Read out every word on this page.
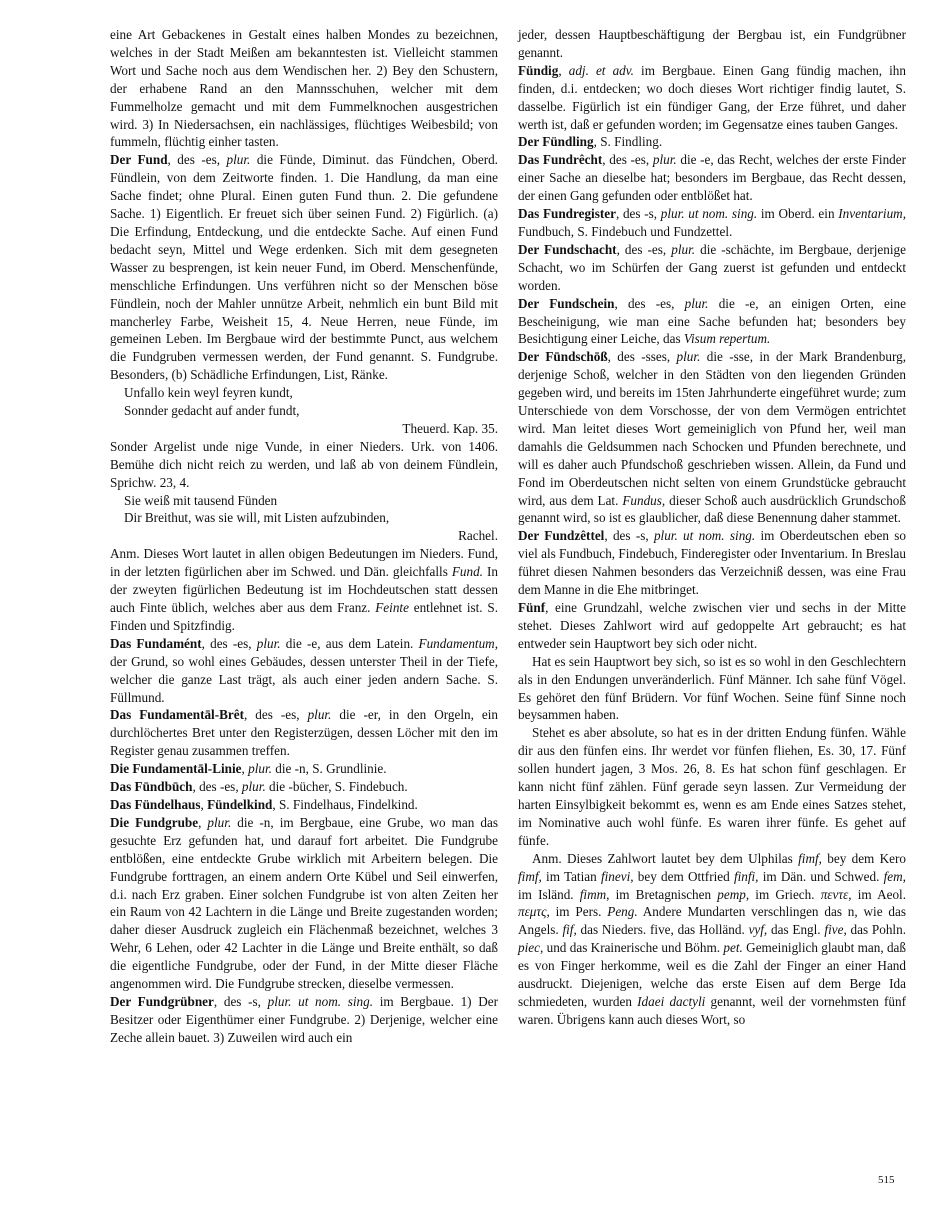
eine Art Gebackenes in Gestalt eines halben Mondes zu bezeichnen, welches in der Stadt Meißen am bekanntesten ist. Vielleicht stammen Wort und Sache noch aus dem Wendischen her. 2) Bey den Schustern, der erhabene Rand an den Mannsschuhen, welcher mit dem Fummelholze gemacht und mit dem Fummelknochen ausgestrichen wird. 3) In Niedersachsen, ein nachlässiges, flüchtiges Weibesbild; von fummeln, flüchtig einher tasten.

Der Fund, des -es, plur. die Fünde, Diminut. das Fündchen, Oberd. Fündlein, von dem Zeitworte finden. 1. Die Handlung, da man eine Sache findet; ohne Plural. Einen guten Fund thun. 2. Die gefundene Sache. 1) Eigentlich. Er freuet sich über seinen Fund. 2) Figürlich. (a) Die Erfindung, Entdeckung, und die entdeckte Sache. Auf einen Fund bedacht seyn, Mittel und Wege erdenken. Sich mit dem gesegneten Wasser zu besprengen, ist kein neuer Fund, im Oberd. Menschenfünde, menschliche Erfindungen. Uns verführen nicht so der Menschen böse Fündlein, noch der Mahler unnütze Arbeit, nehmlich ein bunt Bild mit mancherley Farbe, Weisheit 15, 4. Neue Herren, neue Fünde, im gemeinen Leben. Im Bergbaue wird der bestimmte Punct, aus welchem die Fundgruben vermessen werden, der Fund genannt. S. Fundgrube. Besonders, (b) Schädliche Erfindungen, List, Ränke.

Unfallo kein weyl feyren kundt,

Sonnder gedacht auf ander fundt,

Theuerd. Kap. 35.

Sonder Argelist unde nige Vunde, in einer Nieders. Urk. von 1406. Bemühe dich nicht reich zu werden, und laß ab von deinem Fündlein, Sprichw. 23, 4.

Sie weiß mit tausend Fünden

Dir Breithut, was sie will, mit Listen aufzubinden,

Rachel.

Anm. Dieses Wort lautet in allen obigen Bedeutungen im Nieders. Fund, in der letzten figürlichen aber im Schwed. und Dän. gleichfalls Fund. In der zweyten figürlichen Bedeutung ist im Hochdeutschen statt dessen auch Finte üblich, welches aber aus dem Franz. Feinte entlehnet ist. S. Finden und Spitzfindig.

Das Fundamént, des -es, plur. die -e, aus dem Latein. Fundamentum, der Grund, so wohl eines Gebäudes, dessen unterster Theil in der Tiefe, welcher die ganze Last trägt, als auch einer jeden andern Sache. S. Füllmund.

Das Fundamentāl-Brêt, des -es, plur. die -er, in den Orgeln, ein durchlöchertes Bret unter den Registerzügen, dessen Löcher mit den im Register genau zusammen treffen.

Die Fundamentāl-Linie, plur. die -n, S. Grundlinie.

Das Fūndbūch, des -es, plur. die -bücher, S. Findebuch.

Das Fündelhaus, Fündelkind, S. Findelhaus, Findelkind.

Die Fundgrube, plur. die -n, im Bergbaue, eine Grube, wo man das gesuchte Erz gefunden hat, und darauf fort arbeitet. Die Fundgrube entblößen, eine entdeckte Grube wirklich mit Arbeitern belegen. Die Fundgrube forttragen, an einem andern Orte Kübel und Seil einwerfen, d.i. nach Erz graben. Einer solchen Fundgrube ist von alten Zeiten her ein Raum von 42 Lachtern in die Länge und Breite zugestanden worden; daher dieser Ausdruck zugleich ein Flächenmaß bezeichnet, welches 3 Wehr, 6 Lehen, oder 42 Lachter in die Länge und Breite enthält, so daß die eigentliche Fundgrube, oder der Fund, in der Mitte dieser Fläche angenommen wird. Die Fundgrube strecken, dieselbe vermessen.

Der Fundgrübner, des -s, plur. ut nom. sing. im Bergbaue. 1) Der Besitzer oder Eigenthümer einer Fundgrube. 2) Derjenige, welcher eine Zeche allein bauet. 3) Zuweilen wird auch ein

jeder, dessen Hauptbeschäftigung der Bergbau ist, ein Fundgrübner genannt.

Fündig, adj. et adv. im Bergbaue. Einen Gang fündig machen, ihn finden, d.i. entdecken; wo doch dieses Wort richtiger findig lautet, S. dasselbe. Figürlich ist ein fündiger Gang, der Erze führet, und daher werth ist, daß er gefunden worden; im Gegensatze eines tauben Ganges.

Der Fündling, S. Findling.

Das Fundrêcht, des -es, plur. die -e, das Recht, welches der erste Finder einer Sache an dieselbe hat; besonders im Bergbaue, das Recht dessen, der einen Gang gefunden oder entblößet hat.

Das Fundregister, des -s, plur. ut nom. sing. im Oberd. ein Inventarium, Fundbuch, S. Findebuch und Fundzettel.

Der Fundschacht, des -es, plur. die -schächte, im Bergbaue, derjenige Schacht, wo im Schürfen der Gang zuerst ist gefunden und entdeckt worden.

Der Fundschein, des -es, plur. die -e, an einigen Orten, eine Bescheinigung, wie man eine Sache befunden hat; besonders bey Besichtigung einer Leiche, das Visum repertum.

Der Fūndschōß, des -sses, plur. die -sse, in der Mark Brandenburg, derjenige Schoß, welcher in den Städten von den liegenden Gründen gegeben wird, und bereits im 15ten Jahrhunderte eingeführet wurde; zum Unterschiede von dem Vorschosse, der von dem Vermögen entrichtet wird. Man leitet dieses Wort gemeiniglich von Pfund her, weil man damahls die Geldsummen nach Schocken und Pfunden berechnete, und will es daher auch Pfundschoß geschrieben wissen. Allein, da Fund und Fond im Oberdeutschen nicht selten von einem Grundstücke gebraucht wird, aus dem Lat. Fundus, dieser Schoß auch ausdrücklich Grundschoß genannt wird, so ist es glaublicher, daß diese Benennung daher stammet.

Der Fundzêttel, des -s, plur. ut nom. sing. im Oberdeutschen eben so viel als Fundbuch, Findebuch, Finderegister oder Inventarium. In Breslau führet diesen Nahmen besonders das Verzeichniß dessen, was eine Frau dem Manne in die Ehe mitbringet.

Fünf, eine Grundzahl, welche zwischen vier und sechs in der Mitte stehet. Dieses Zahlwort wird auf gedoppelte Art gebraucht; es hat entweder sein Hauptwort bey sich oder nicht.

Hat es sein Hauptwort bey sich, so ist es so wohl in den Geschlechtern als in den Endungen unveränderlich. Fünf Männer. Ich sahe fünf Vögel. Es gehöret den fünf Brüdern. Vor fünf Wochen. Seine fünf Sinne noch beysammen haben.

Stehet es aber absolute, so hat es in der dritten Endung fünfen. Wähle dir aus den fünfen eins. Ihr werdet vor fünfen fliehen, Es. 30, 17. Fünf sollen hundert jagen, 3 Mos. 26, 8. Es hat schon fünf geschlagen. Er kann nicht fünf zählen. Fünf gerade seyn lassen. Zur Vermeidung der harten Einsylbigkeit bekommt es, wenn es am Ende eines Satzes stehet, im Nominative auch wohl fünfe. Es waren ihrer fünfe. Es gehet auf fünfe.

Anm. Dieses Zahlwort lautet bey dem Ulphilas fimf, bey dem Kero fimf, im Tatian finevi, bey dem Ottfried finfi, im Dän. und Schwed. fem, im Isländ. fimm, im Bretagnischen pemp, im Griech. πεντε, im Aeol. πεμτς, im Pers. Peng. Andere Mundarten verschlingen das n, wie das Angels. fif, das Nieders. five, das Holländ. vyf, das Engl. five, das Pohln. piec, und das Krainerische und Böhm. pet. Gemeiniglich glaubt man, daß es von Finger herkomme, weil es die Zahl der Finger an einer Hand ausdruckt. Diejenigen, welche das erste Eisen auf dem Berge Ida schmiedeten, wurden Idaei dactyli genannt, weil der vornehmsten fünf waren. Übrigens kann auch dieses Wort, so

515
